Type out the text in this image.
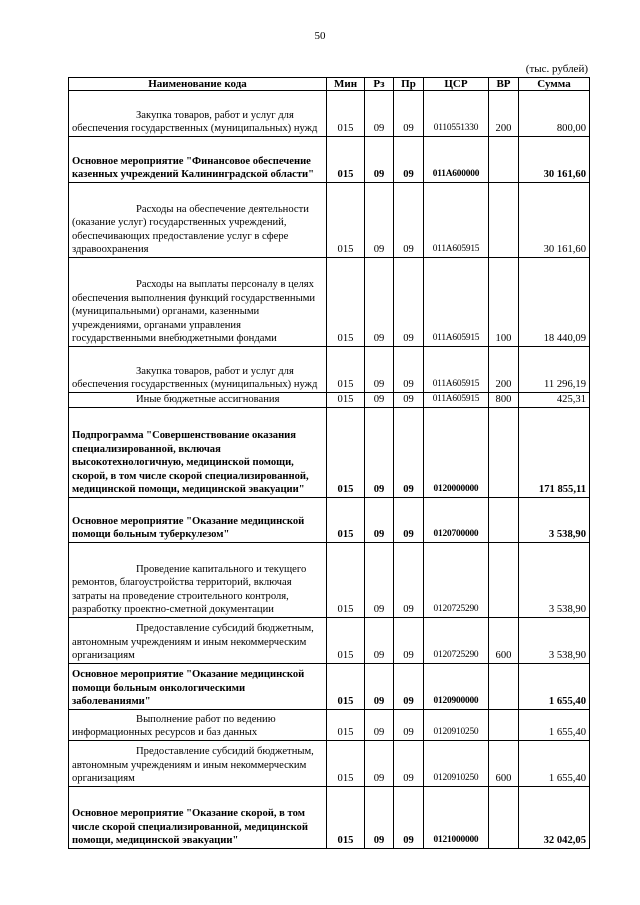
50
(тыс. рублей)
Наименование кода	Мин	Рз	Пр	ЦСР	ВР	Сумма
Закупка товаров, работ и услуг для обеспечения государственных (муниципальных) нужд	015	09	09	0110551330	200	800,00
Основное мероприятие "Финансовое обеспечение казенных учреждений Калининградской области"	015	09	09	011А600000		30 161,60
Расходы на обеспечение деятельности (оказание услуг) государственных учреждений, обеспечивающих предоставление услуг в сфере здравоохранения	015	09	09	011А605915		30 161,60
Расходы на выплаты персоналу в целях обеспечения выполнения функций государственными (муниципальными) органами, казенными учреждениями, органами управления государственными внебюджетными фондами	015	09	09	011А605915	100	18 440,09
Закупка товаров, работ и услуг для обеспечения государственных (муниципальных) нужд	015	09	09	011А605915	200	11 296,19
Иные бюджетные ассигнования	015	09	09	011А605915	800	425,31
Подпрограмма "Совершенствование оказания специализированной, включая высокотехнологичную, медицинской помощи, скорой, в том числе скорой специализированной, медицинской помощи, медицинской эвакуации"	015	09	09	0120000000		171 855,11
Основное мероприятие "Оказание медицинской помощи больным туберкулезом"	015	09	09	0120700000		3 538,90
Проведение капитального и текущего ремонтов, благоустройства территорий, включая затраты на проведение строительного контроля, разработку проектно-сметной документации	015	09	09	0120725290		3 538,90
Предоставление субсидий бюджетным, автономным учреждениям и иным некоммерческим организациям	015	09	09	0120725290	600	3 538,90
Основное мероприятие "Оказание медицинской помощи больным онкологическими заболеваниями"	015	09	09	0120900000		1 655,40
Выполнение работ по ведению информационных ресурсов и баз данных	015	09	09	0120910250		1 655,40
Предоставление субсидий бюджетным, автономным учреждениям и иным некоммерческим организациям	015	09	09	0120910250	600	1 655,40
Основное мероприятие "Оказание скорой, в том числе скорой специализированной, медицинской помощи, медицинской эвакуации"	015	09	09	0121000000		32 042,05
